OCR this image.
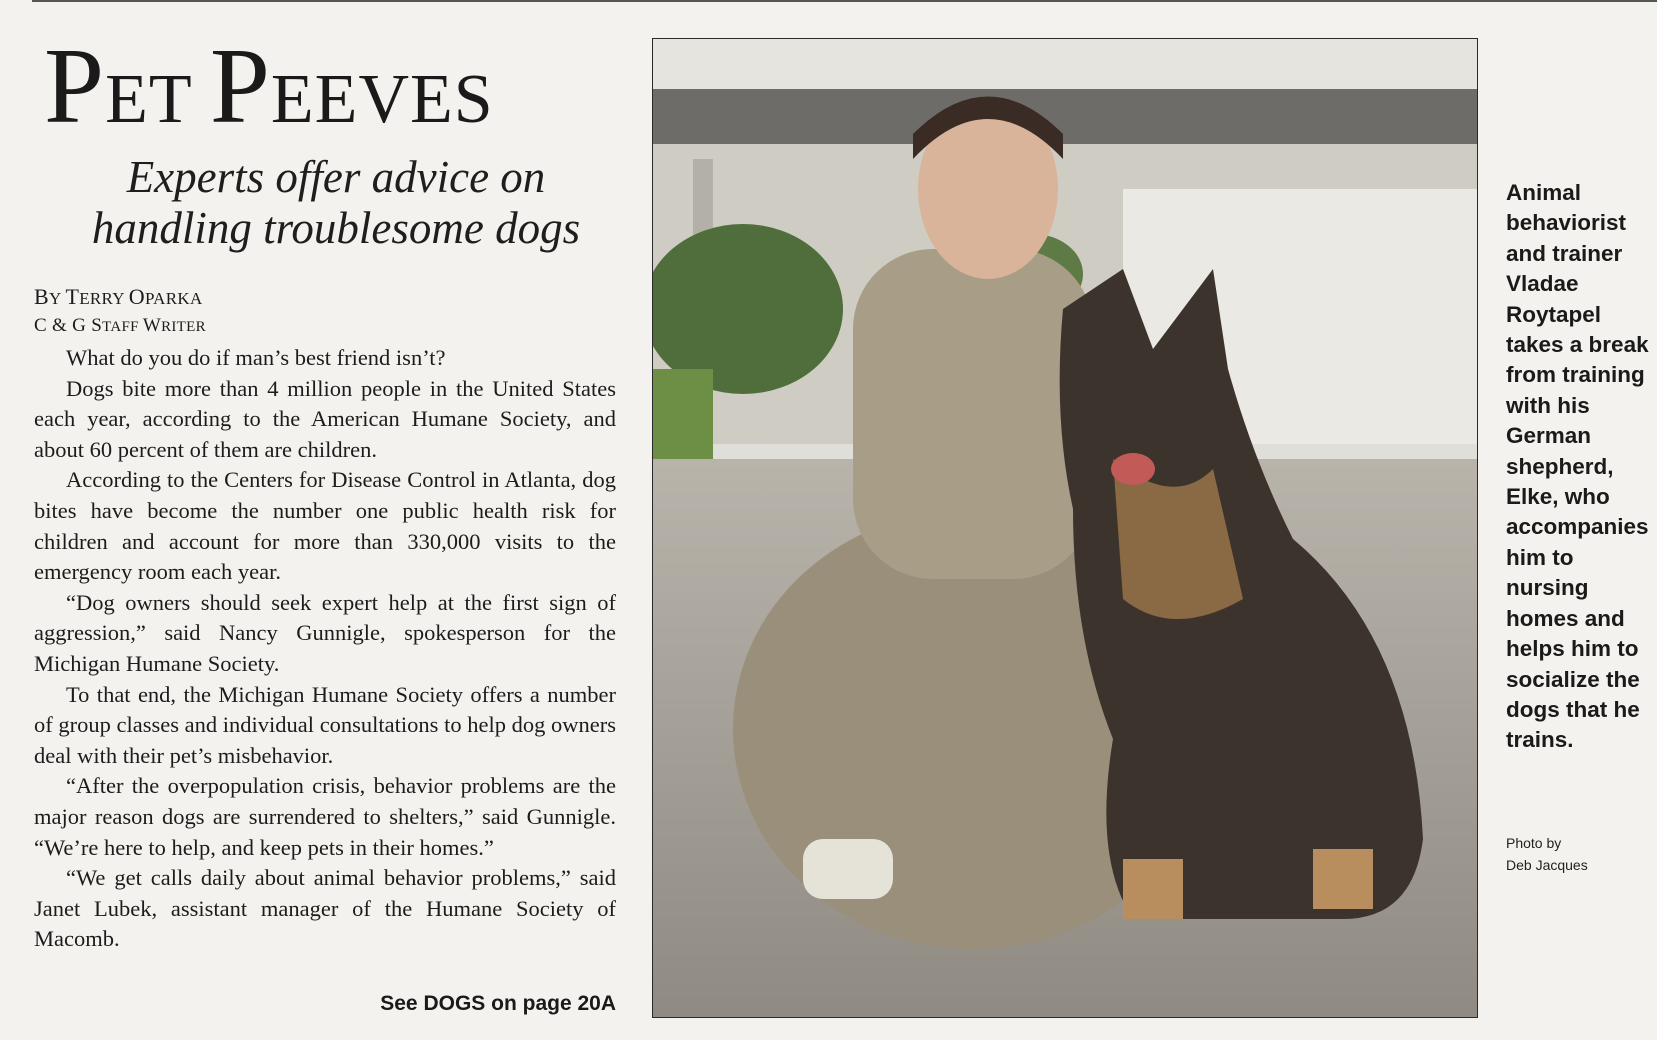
PET PEEVES
Experts offer advice on
handling troublesome dogs
BY TERRY OPARKA
C & G STAFF WRITER

What do you do if man’s best friend isn’t?

Dogs bite more than 4 million people in the United States each year, according to the American Humane Society, and about 60 percent of them are children.

According to the Centers for Disease Control in Atlanta, dog bites have become the number one public health risk for children and account for more than 330,000 visits to the emergency room each year.

“Dog owners should seek expert help at the first sign of aggression,” said Nancy Gunnigle, spokesperson for the Michigan Humane Society.

To that end, the Michigan Humane Society offers a number of group classes and individual consultations to help dog owners deal with their pet’s misbehavior.

“After the overpopulation crisis, behavior problems are the major reason dogs are surrendered to shelters,” said Gunnigle. “We’re here to help, and keep pets in their homes.”

“We get calls daily about animal behavior problems,” said Janet Lubek, assistant manager of the Humane Society of Macomb.

See DOGS on page 20A
Animal behaviorist and trainer Vladae Roytapel takes a break from training with his German shepherd, Elke, who accompanies him to nursing homes and helps him to socialize the dogs that he trains.
Photo by
Deb Jacques
